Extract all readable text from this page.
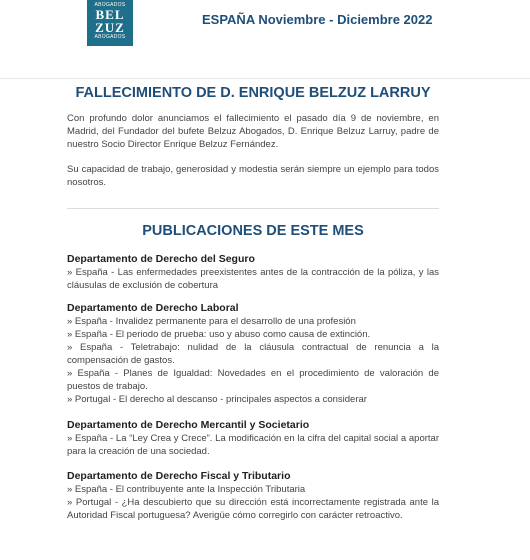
ABOGADOS
BEL
ZUZ
ABOGADOS
ESPAÑA Noviembre - Diciembre 2022
FALLECIMIENTO DE D. ENRIQUE BELZUZ LARRUY

Con profundo dolor anunciamos el fallecimiento el pasado día 9 de noviembre, en Madrid, del Fundador del bufete Belzuz Abogados, D. Enrique Belzuz Larruy, padre de nuestro Socio Director Enrique Belzuz Fernández.

Su capacidad de trabajo, generosidad y modestia serán siempre un ejemplo para todos nosotros.

PUBLICACIONES DE ESTE MES
Departamento de Derecho del Seguro
» España - Las enfermedades preexistentes antes de la contracción de la póliza, y las cláusulas de exclusión de cobertura
Departamento de Derecho Laboral
» España - Invalidez permanente para el desarrollo de una profesión
» España - El periodo de prueba: uso y abuso como causa de extinción.
» España - Teletrabajo: nulidad de la cláusula contractual de renuncia a la compensación de gastos.
» España - Planes de Igualdad: Novedades en el procedimiento de valoración de puestos de trabajo.
» Portugal - El derecho al descanso - principales aspectos a considerar
Departamento de Derecho Mercantil y Societario
» España - La “Ley Crea y Crece”. La modificación en la cifra del capital social a aportar para la creación de una sociedad.
Departamento de Derecho Fiscal y Tributario
» España - El contribuyente ante la Inspección Tributaria
» Portugal - ¿Ha descubierto que su dirección está incorrectamente registrada ante la Autoridad Fiscal portuguesa? Averigüe cómo corregirlo con carácter retroactivo.
